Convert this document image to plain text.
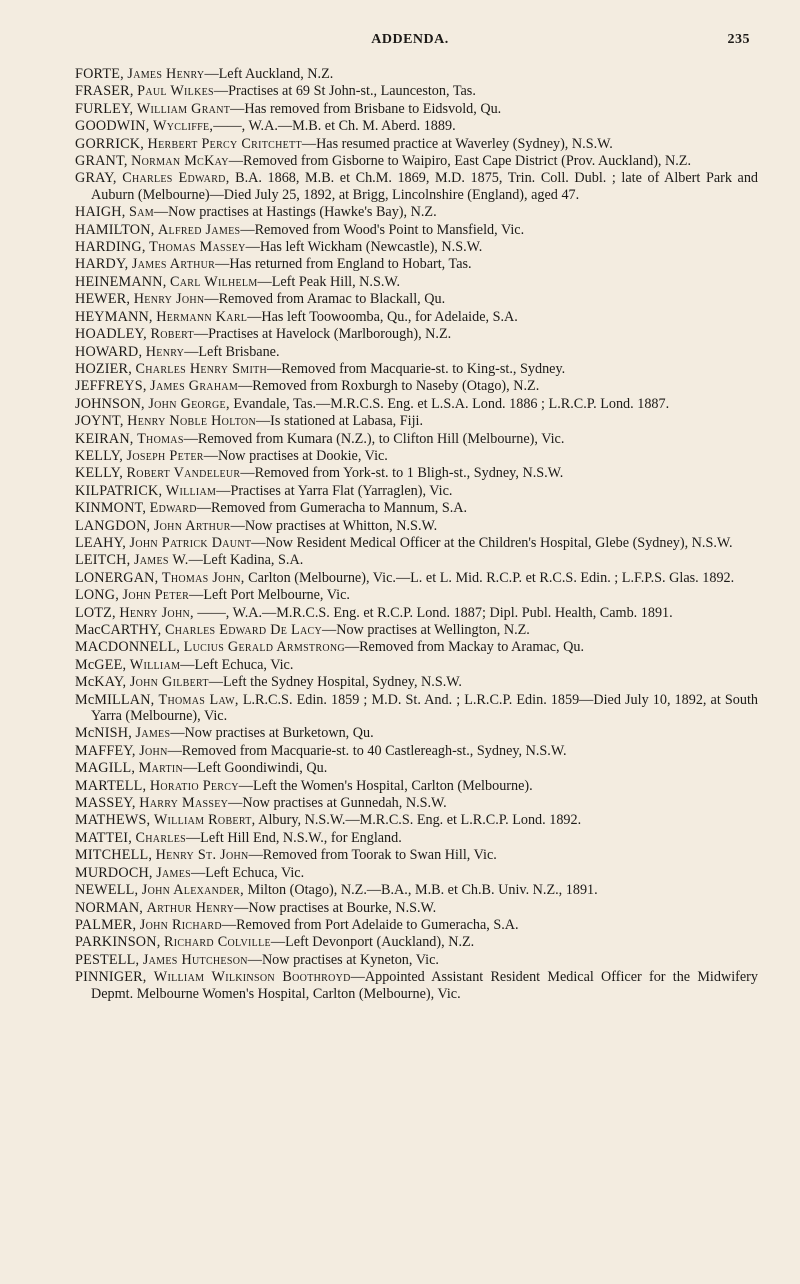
ADDENDA.	235

FORTE, James Henry—Left Auckland, N.Z.

FRASER, Paul Wilkes—Practises at 69 St John-st., Launceston, Tas.

FURLEY, William Grant—Has removed from Brisbane to Eidsvold, Qu.

GOODWIN, Wycliffe,——, W.A.—M.B. et Ch. M. Aberd. 1889.

GORRICK, Herbert Percy Critchett—Has resumed practice at Waverley (Sydney), N.S.W.

GRANT, Norman McKay—Removed from Gisborne to Waipiro, East Cape District (Prov. Auckland), N.Z.

GRAY, Charles Edward, B.A. 1868, M.B. et Ch.M. 1869, M.D. 1875, Trin. Coll. Dubl. ; late of Albert Park and Auburn (Melbourne)—Died July 25, 1892, at Brigg, Lincolnshire (England), aged 47.

HAIGH, Sam—Now practises at Hastings (Hawke's Bay), N.Z.

HAMILTON, Alfred James—Removed from Wood's Point to Mansfield, Vic.

HARDING, Thomas Massey—Has left Wickham (Newcastle), N.S.W.

HARDY, James Arthur—Has returned from England to Hobart, Tas.

HEINEMANN, Carl Wilhelm—Left Peak Hill, N.S.W.

HEWER, Henry John—Removed from Aramac to Blackall, Qu.

HEYMANN, Hermann Karl—Has left Toowoomba, Qu., for Adelaide, S.A.

HOADLEY, Robert—Practises at Havelock (Marlborough), N.Z.

HOWARD, Henry—Left Brisbane.

HOZIER, Charles Henry Smith—Removed from Macquarie-st. to King-st., Sydney.

JEFFREYS, James Graham—Removed from Roxburgh to Naseby (Otago), N.Z.

JOHNSON, John George, Evandale, Tas.—M.R.C.S. Eng. et L.S.A. Lond. 1886 ; L.R.C.P. Lond. 1887.

JOYNT, Henry Noble Holton—Is stationed at Labasa, Fiji.

KEIRAN, Thomas—Removed from Kumara (N.Z.), to Clifton Hill (Melbourne), Vic.

KELLY, Joseph Peter—Now practises at Dookie, Vic.

KELLY, Robert Vandeleur—Removed from York-st. to 1 Bligh-st., Sydney, N.S.W.

KILPATRICK, William—Practises at Yarra Flat (Yarraglen), Vic.

KINMONT, Edward—Removed from Gumeracha to Mannum, S.A.

LANGDON, John Arthur—Now practises at Whitton, N.S.W.

LEAHY, John Patrick Daunt—Now Resident Medical Officer at the Children's Hospital, Glebe (Sydney), N.S.W.

LEITCH, James W.—Left Kadina, S.A.

LONERGAN, Thomas John, Carlton (Melbourne), Vic.—L. et L. Mid. R.C.P. et R.C.S. Edin. ; L.F.P.S. Glas. 1892.

LONG, John Peter—Left Port Melbourne, Vic.

LOTZ, Henry John, ——, W.A.—M.R.C.S. Eng. et R.C.P. Lond. 1887; Dipl. Publ. Health, Camb. 1891.

MacCARTHY, Charles Edward De Lacy—Now practises at Wellington, N.Z.

MACDONNELL, Lucius Gerald Armstrong—Removed from Mackay to Aramac, Qu.

McGEE, William—Left Echuca, Vic.

McKAY, John Gilbert—Left the Sydney Hospital, Sydney, N.S.W.

McMILLAN, Thomas Law, L.R.C.S. Edin. 1859 ; M.D. St. And. ; L.R.C.P. Edin. 1859—Died July 10, 1892, at South Yarra (Melbourne), Vic.

McNISH, James—Now practises at Burketown, Qu.

MAFFEY, John—Removed from Macquarie-st. to 40 Castlereagh-st., Sydney, N.S.W.

MAGILL, Martin—Left Goondiwindi, Qu.

MARTELL, Horatio Percy—Left the Women's Hospital, Carlton (Melbourne).

MASSEY, Harry Massey—Now practises at Gunnedah, N.S.W.

MATHEWS, William Robert, Albury, N.S.W.—M.R.C.S. Eng. et L.R.C.P. Lond. 1892.

MATTEI, Charles—Left Hill End, N.S.W., for England.

MITCHELL, Henry St. John—Removed from Toorak to Swan Hill, Vic.

MURDOCH, James—Left Echuca, Vic.

NEWELL, John Alexander, Milton (Otago), N.Z.—B.A., M.B. et Ch.B. Univ. N.Z., 1891.

NORMAN, Arthur Henry—Now practises at Bourke, N.S.W.

PALMER, John Richard—Removed from Port Adelaide to Gumeracha, S.A.

PARKINSON, Richard Colville—Left Devonport (Auckland), N.Z.

PESTELL, James Hutcheson—Now practises at Kyneton, Vic.

PINNIGER, William Wilkinson Boothroyd—Appointed Assistant Resident Medical Officer for the Midwifery Depmt. Melbourne Women's Hospital, Carlton (Melbourne), Vic.
